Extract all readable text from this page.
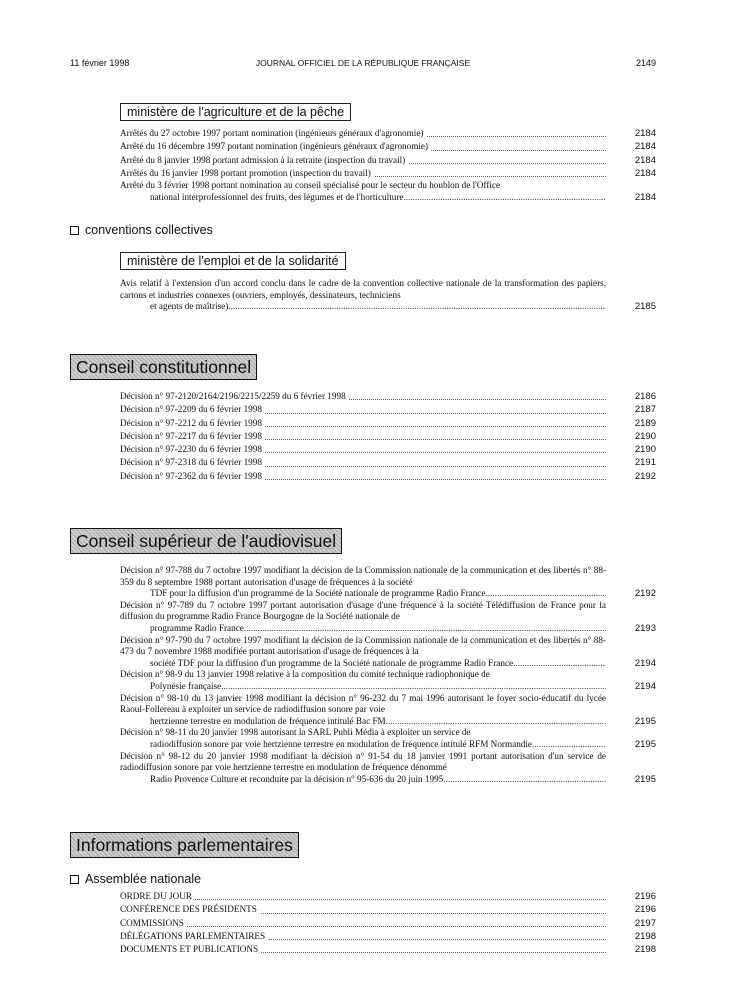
11 février 1998	JOURNAL OFFICIEL DE LA RÉPUBLIQUE FRANÇAISE	2149
ministère de l'agriculture et de la pêche
Arrêtés du 27 octobre 1997 portant nomination (ingénieurs généraux d'agronomie)	2184
Arrêté du 16 décembre 1997 portant nomination (ingénieurs généraux d'agronomie)	2184
Arrêté du 8 janvier 1998 portant admission à la retraite (inspection du travail)	2184
Arrêtés du 16 janvier 1998 portant promotion (inspection du travail)	2184
Arrêté du 3 février 1998 portant nomination au conseil spécialisé pour le secteur du houblon de l'Office
national interprofessionnel des fruits, des légumes et de l'horticulture .....	2184
conventions collectives
ministère de l'emploi et de la solidarité
Avis relatif à l'extension d'un accord conclu dans le cadre de la convention collective nationale de la transformation des papiers, cartons et industries connexes (ouvriers, employés, dessinateurs, techniciens
et agents de maîtrise) .....	2185
Conseil constitutionnel
Décision n° 97-2120/2164/2196/2215/2259 du 6 février 1998	2186
Décision n° 97-2209 du 6 février 1998	2187
Décision n° 97-2212 du 6 février 1998	2189
Décision n° 97-2217 du 6 février 1998	2190
Décision n° 97-2230 du 6 février 1998	2190
Décision n° 97-2318 du 6 février 1998	2191
Décision n° 97-2362 du 6 février 1998	2192
Conseil supérieur de l'audiovisuel
Décision n° 97-788 du 7 octobre 1997 modifiant la décision de la Commission nationale de la communication et des libertés n° 88-359 du 8 septembre 1988 portant autorisation d'usage de fréquences à la société
TDF pour la diffusion d'un programme de la Société nationale de programme Radio France .....	2192
Décision n° 97-789 du 7 octobre 1997 portant autorisation d'usage d'une fréquence à la société Télédiffusion de France pour la diffusion du programme Radio France Bourgogne de la Société nationale de
programme Radio France .....	2193
Décision n° 97-790 du 7 octobre 1997 modifiant la décision de la Commission nationale de la communication et des libertés n° 88-473 du 7 novembre 1988 modifiée portant autorisation d'usage de fréquences à la
société TDF pour la diffusion d'un programme de la Société nationale de programme Radio France .....	2194
Décision n° 98-9 du 13 janvier 1998 relative à la composition du comité technique radiophonique de
Polynésie française .....	2194
Décision n° 98-10 du 13 janvier 1998 modifiant la décision n° 96-232 du 7 mai 1996 autorisant le foyer socio-éducatif du lycée Raoul-Follereau à exploiter un service de radiodiffusion sonore par voie
hertzienne terrestre en modulation de fréquence intitulé Bac FM .....	2195
Décision n° 98-11 du 20 janvier 1998 autorisant la SARL Publi Média à exploiter un service de
radiodiffusion sonore par voie hertzienne terrestre en modulation de fréquence intitulé RFM Normandie .....	2195
Décision n° 98-12 du 20 janvier 1998 modifiant la décision n° 91-54 du 18 janvier 1991 portant autorisation d'un service de radiodiffusion sonore par voie hertzienne terrestre en modulation de fréquence dénommé
Radio Provence Culture et reconduite par la décision n° 95-636 du 20 juin 1995 .....	2195
Informations parlementaires
Assemblée nationale
ORDRE DU JOUR	2196
CONFÉRENCE DES PRÉSIDENTS	2196
COMMISSIONS	2197
DÉLÉGATIONS PARLEMENTAIRES	2198
DOCUMENTS ET PUBLICATIONS	2198
